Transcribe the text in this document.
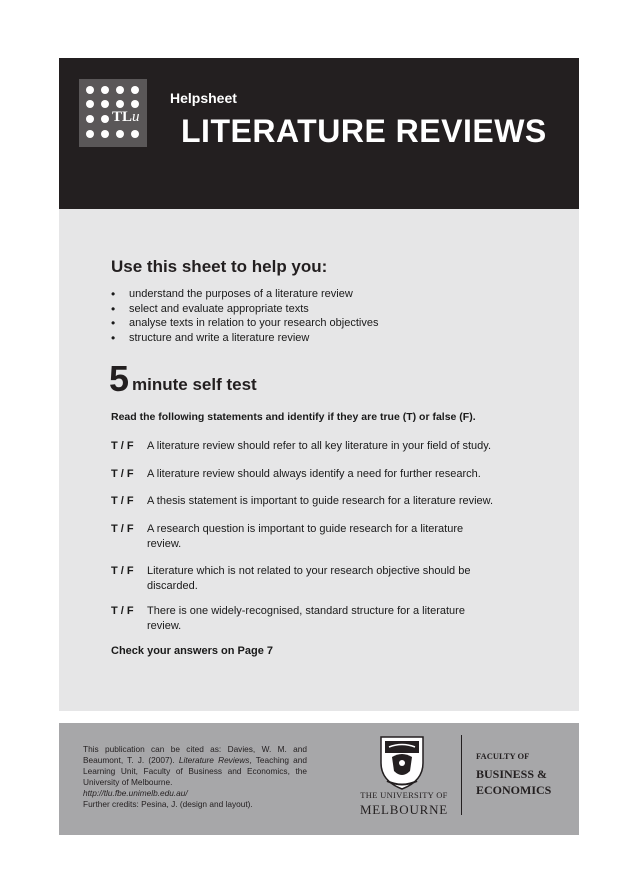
TLu
Helpsheet
LITERATURE REVIEWS
Use this sheet to help you:
• understand the purposes of a literature review
• select and evaluate appropriate texts
• analyse texts in relation to your research objectives
• structure and write a literature review
5 minute self test
Read the following statements and identify if they are true (T) or false (F).
T / F A literature review should refer to all key literature in your field of study.
T / F A literature review should always identify a need for further research.
T / F A thesis statement is important to guide research for a literature review.
T / F A research question is important to guide research for a literature review.
T / F Literature which is not related to your research objective should be discarded.
T / F There is one widely-recognised, standard structure for a literature review.
Check your answers on Page 7
This publication can be cited as: Davies, W. M. and Beaumont, T. J. (2007). Literature Reviews, Teaching and Learning Unit, Faculty of Business and Economics, the University of Melbourne.
http://tlu.fbe.unimelb.edu.au/
Further credits: Pesina, J. (design and layout).
THE UNIVERSITY OF
MELBOURNE
FACULTY OF
BUSINESS &
ECONOMICS
